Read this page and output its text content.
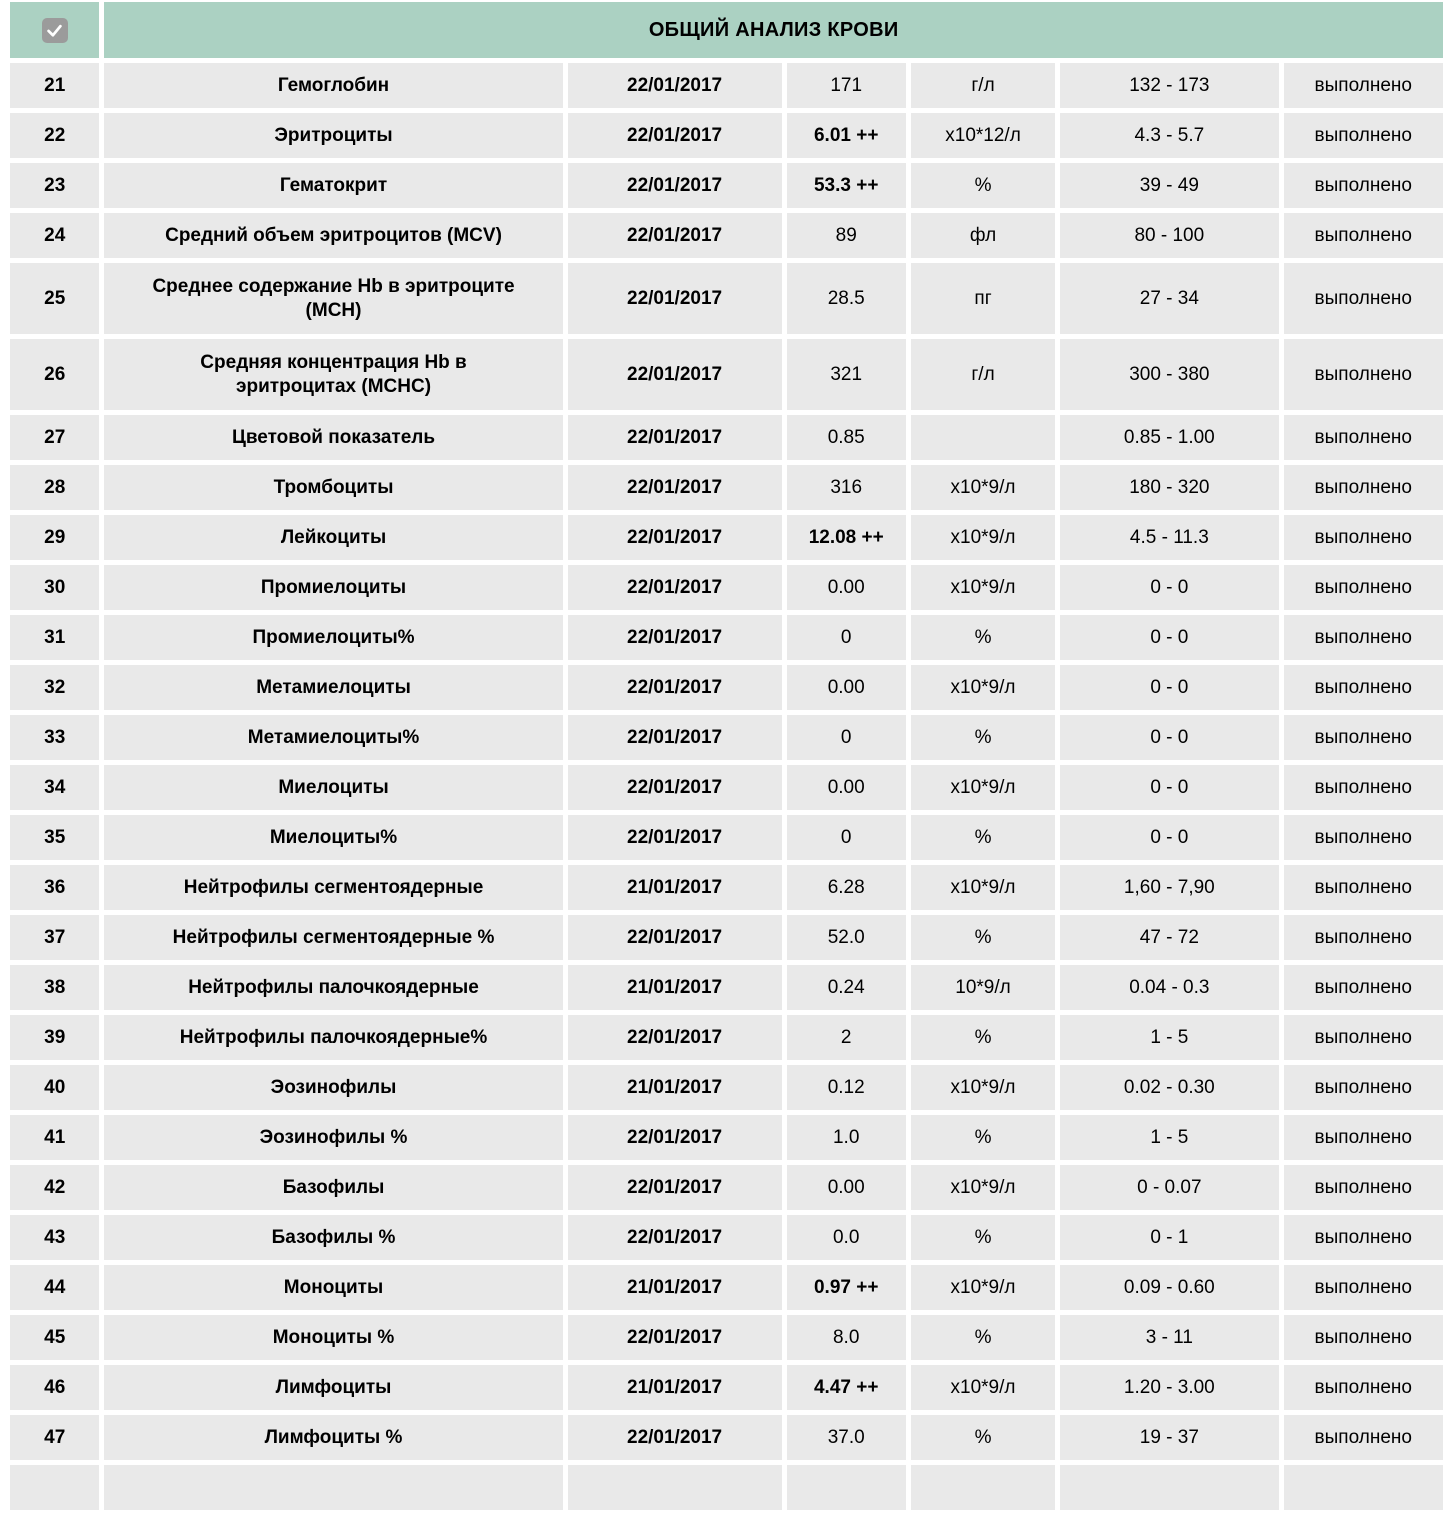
	ОБЩИЙ АНАЛИЗ КРОВИ					
21	Гемоглобин	22/01/2017	171	г/л	132 - 173	выполнено
22	Эритроциты	22/01/2017	6.01 ++	x10*12/л	4.3 - 5.7	выполнено
23	Гематокрит	22/01/2017	53.3 ++	%	39 - 49	выполнено
24	Средний объем эритроцитов (MCV)	22/01/2017	89	фл	80 - 100	выполнено
25	Среднее содержание Hb в эритроците (MCH)	22/01/2017	28.5	пг	27 - 34	выполнено
26	Средняя концентрация Hb в эритроцитах (MCHC)	22/01/2017	321	г/л	300 - 380	выполнено
27	Цветовой показатель	22/01/2017	0.85		0.85 - 1.00	выполнено
28	Тромбоциты	22/01/2017	316	x10*9/л	180 - 320	выполнено
29	Лейкоциты	22/01/2017	12.08 ++	x10*9/л	4.5 - 11.3	выполнено
30	Промиелоциты	22/01/2017	0.00	x10*9/л	0 - 0	выполнено
31	Промиелоциты%	22/01/2017	0	%	0 - 0	выполнено
32	Метамиелоциты	22/01/2017	0.00	x10*9/л	0 - 0	выполнено
33	Метамиелоциты%	22/01/2017	0	%	0 - 0	выполнено
34	Миелоциты	22/01/2017	0.00	x10*9/л	0 - 0	выполнено
35	Миелоциты%	22/01/2017	0	%	0 - 0	выполнено
36	Нейтрофилы сегментоядерные	21/01/2017	6.28	x10*9/л	1,60 - 7,90	выполнено
37	Нейтрофилы сегментоядерные %	22/01/2017	52.0	%	47 - 72	выполнено
38	Нейтрофилы палочкоядерные	21/01/2017	0.24	10*9/л	0.04 - 0.3	выполнено
39	Нейтрофилы палочкоядерные%	22/01/2017	2	%	1 - 5	выполнено
40	Эозинофилы	21/01/2017	0.12	x10*9/л	0.02 - 0.30	выполнено
41	Эозинофилы %	22/01/2017	1.0	%	1 - 5	выполнено
42	Базофилы	22/01/2017	0.00	x10*9/л	0 - 0.07	выполнено
43	Базофилы %	22/01/2017	0.0	%	0 - 1	выполнено
44	Моноциты	21/01/2017	0.97 ++	x10*9/л	0.09 - 0.60	выполнено
45	Моноциты %	22/01/2017	8.0	%	3 - 11	выполнено
46	Лимфоциты	21/01/2017	4.47 ++	x10*9/л	1.20 - 3.00	выполнено
47	Лимфоциты %	22/01/2017	37.0	%	19 - 37	выполнено
